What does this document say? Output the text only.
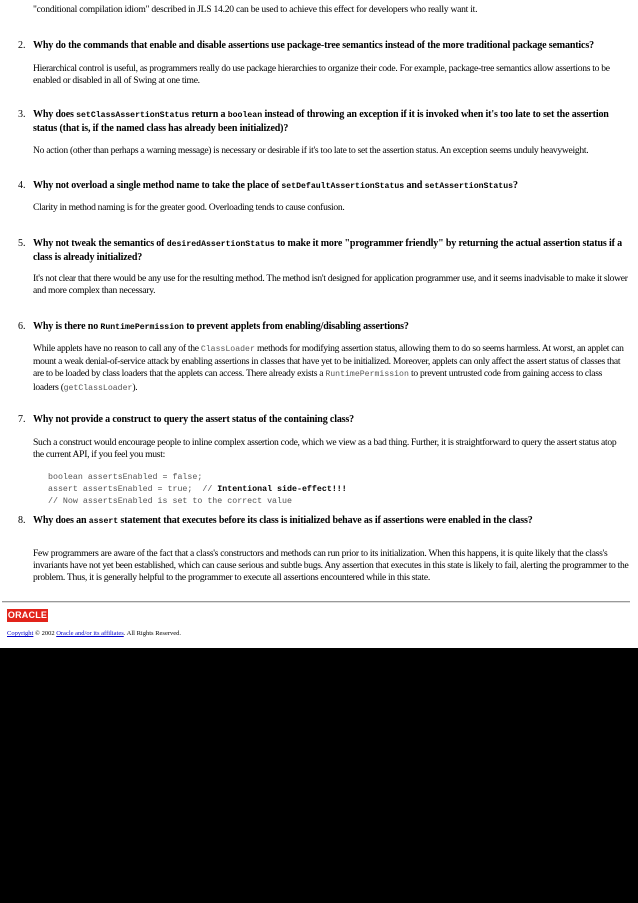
"conditional compilation idiom" described in JLS 14.20 can be used to achieve this effect for developers who really want it.

2. Why do the commands that enable and disable assertions use package-tree semantics instead of the more traditional package semantics?

Hierarchical control is useful, as programmers really do use package hierarchies to organize their code. For example, package-tree semantics allow assertions to be enabled or disabled in all of Swing at one time.

3. Why does setClassAssertionStatus return a boolean instead of throwing an exception if it is invoked when it's too late to set the assertion status (that is, if the named class has already been initialized)?

No action (other than perhaps a warning message) is necessary or desirable if it's too late to set the assertion status. An exception seems unduly heavyweight.

4. Why not overload a single method name to take the place of setDefaultAssertionStatus and setAssertionStatus?

Clarity in method naming is for the greater good. Overloading tends to cause confusion.

5. Why not tweak the semantics of desiredAssertionStatus to make it more "programmer friendly" by returning the actual assertion status if a class is already initialized?

It's not clear that there would be any use for the resulting method. The method isn't designed for application programmer use, and it seems inadvisable to make it slower and more complex than necessary.

6. Why is there no RuntimePermission to prevent applets from enabling/disabling assertions?

While applets have no reason to call any of the ClassLoader methods for modifying assertion status, allowing them to do so seems harmless. At worst, an applet can mount a weak denial-of-service attack by enabling assertions in classes that have yet to be initialized. Moreover, applets can only affect the assert status of classes that are to be loaded by class loaders that the applets can access. There already exists a RuntimePermission to prevent untrusted code from gaining access to class loaders (getClassLoader).

7. Why not provide a construct to query the assert status of the containing class?

Such a construct would encourage people to inline complex assertion code, which we view as a bad thing. Further, it is straightforward to query the assert status atop the current API, if you feel you must:

boolean assertsEnabled = false;
assert assertsEnabled = true;  // Intentional side-effect!!!
// Now assertsEnabled is set to the correct value
8. Why does an assert statement that executes before its class is initialized behave as if assertions were enabled in the class?

Few programmers are aware of the fact that a class's constructors and methods can run prior to its initialization. When this happens, it is quite likely that the class's invariants have not yet been established, which can cause serious and subtle bugs. Any assertion that executes in this state is likely to fail, alerting the programmer to the problem. Thus, it is generally helpful to the programmer to execute all assertions encountered while in this state.

ORACLE

Copyright © 2002 Oracle and/or its affiliates. All Rights Reserved.
